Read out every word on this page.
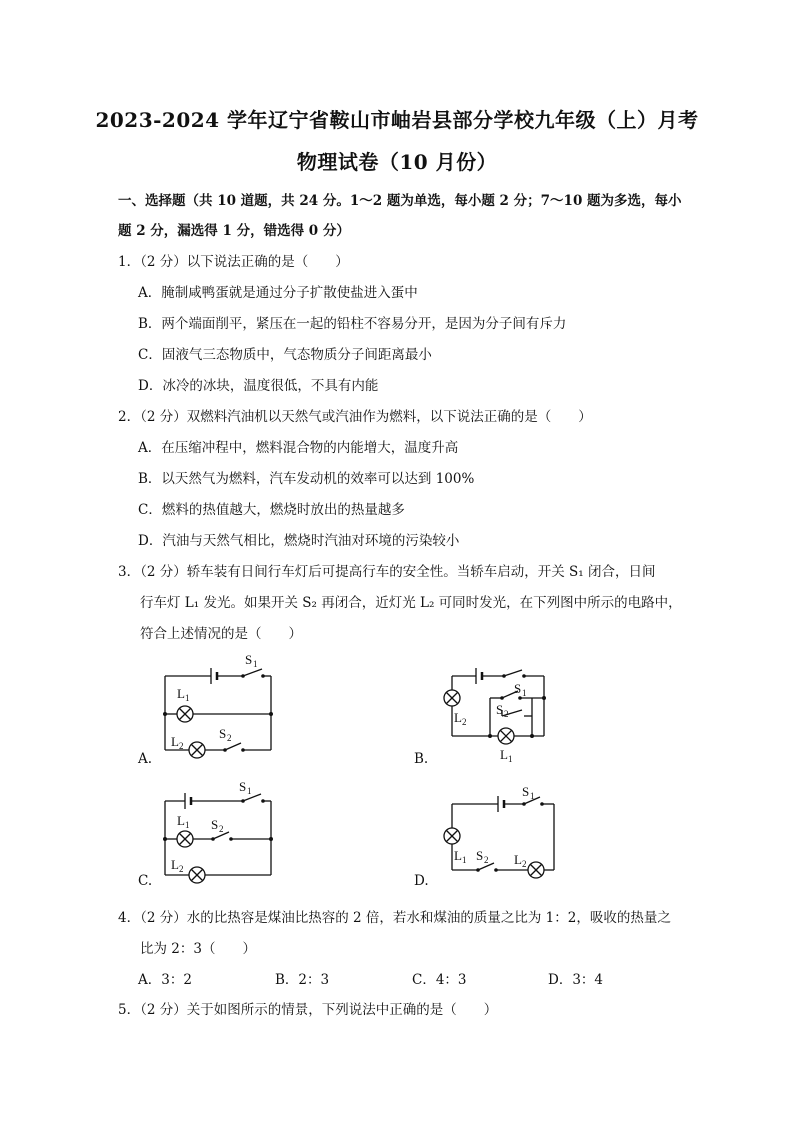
2023-2024 学年辽宁省鞍山市岫岩县部分学校九年级（上）月考
物理试卷（10 月份）
一、选择题（共 10 道题，共 24 分。1～2 题为单选，每小题 2 分；7～10 题为多选，每小
题 2 分，漏选得 1 分，错选得 0 分）
1．（2 分）以下说法正确的是（　　）
A．腌制咸鸭蛋就是通过分子扩散使盐进入蛋中
B．两个端面削平，紧压在一起的铅柱不容易分开，是因为分子间有斥力
C．固液气三态物质中，气态物质分子间距离最小
D．冰冷的冰块，温度很低，不具有内能
2．（2 分）双燃料汽油机以天然气或汽油作为燃料，以下说法正确的是（　　）
A．在压缩冲程中，燃料混合物的内能增大，温度升高
B．以天然气为燃料，汽车发动机的效率可以达到 100%
C．燃料的热值越大，燃烧时放出的热量越多
D．汽油与天然气相比，燃烧时汽油对环境的污染较小
3．（2 分）轿车装有日间行车灯后可提高行车的安全性。当轿车启动，开关 S₁ 闭合，日间
行车灯 L₁ 发光。如果开关 S₂ 再闭合，近灯光 L₂ 可同时发光，在下列图中所示的电路中，
符合上述情况的是（　　）
S 1
L 1
S 2
L 2
A.
S 1
S 2
L 2
L 1
B.
S 1
L 1 S 2
L 2
C.
S 1
L 1 S 2 L 2
D.
4．（2 分）水的比热容是煤油比热容的 2 倍，若水和煤油的质量之比为 1：2，吸收的热量之
比为 2：3（　　）
A．3：2	B．2：3	C．4：3	D．3：4
5．（2 分）关于如图所示的情景，下列说法中正确的是（　　）
